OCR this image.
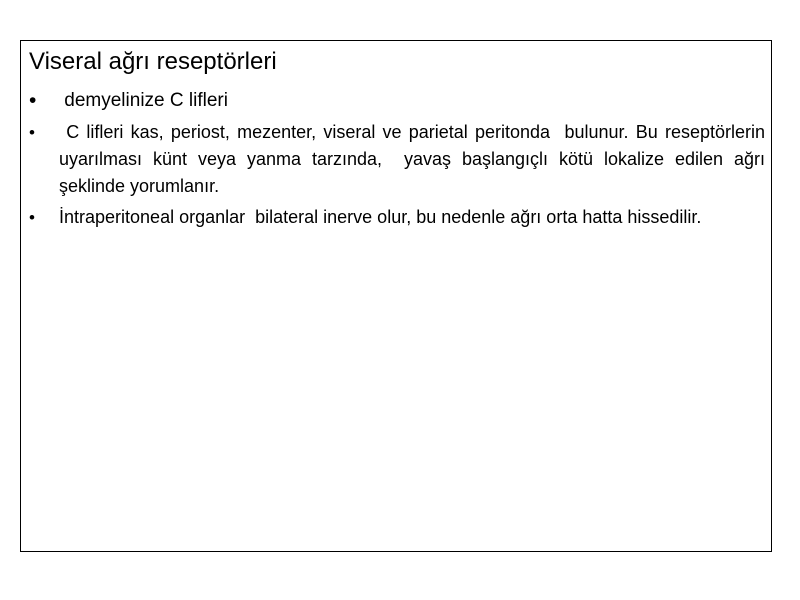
Viseral ağrı reseptörleri
•	demyelinize C lifleri
•	C lifleri kas, periost, mezenter, viseral ve parietal peritonda  bulunur. Bu reseptörlerin uyarılması künt veya yanma tarzında,  yavaş başlangıçlı kötü lokalize edilen ağrı şeklinde yorumlanır.
•	İntraperitoneal organlar  bilateral inerve olur, bu nedenle ağrı orta hatta hissedilir.
